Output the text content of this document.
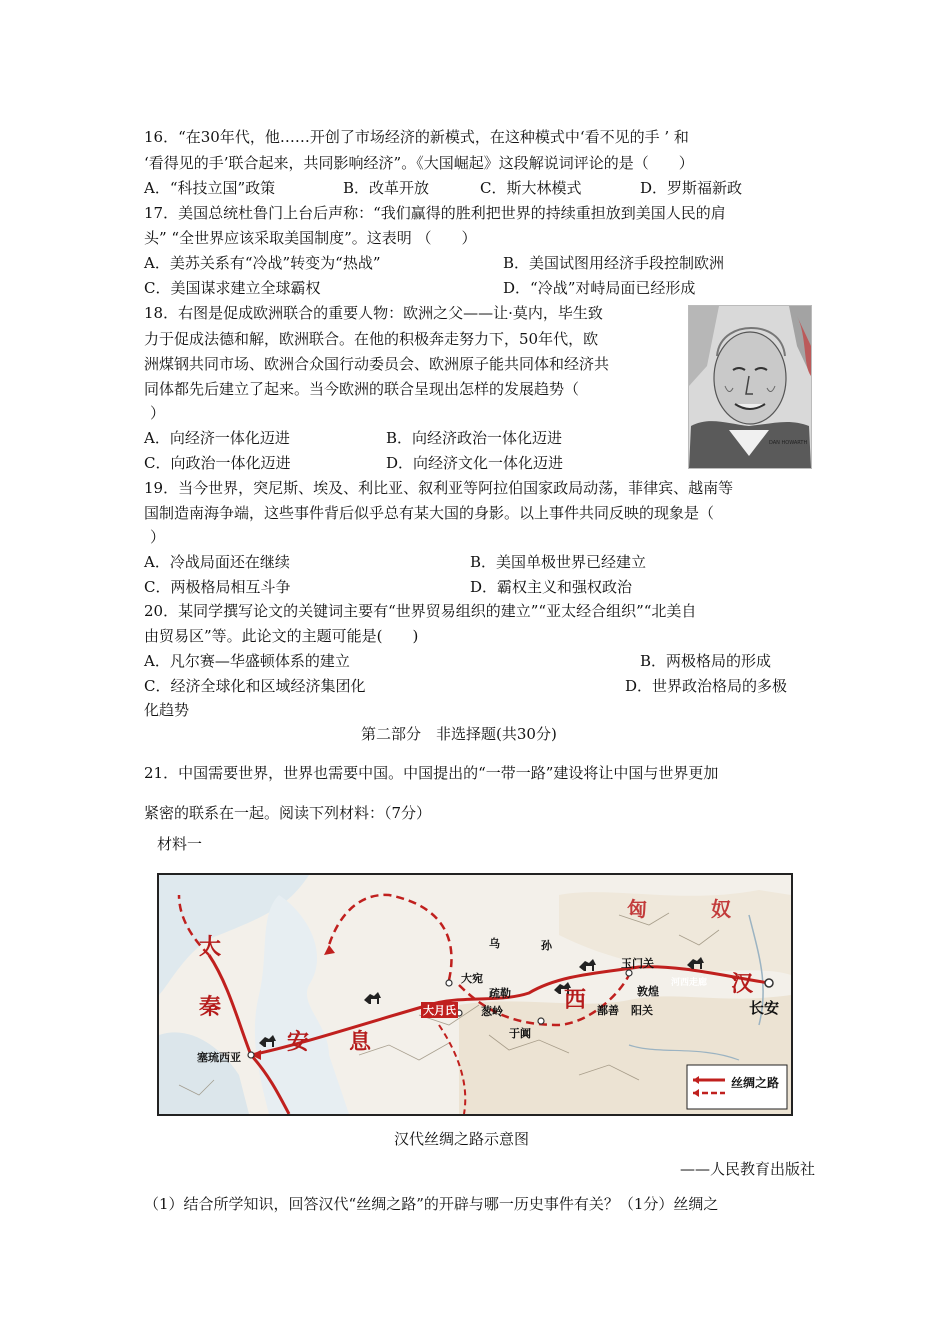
16．“在30年代，他……开创了市场经济的新模式，在这种模式中‘看不见的手 ’ 和
‘看得见的手’联合起来，共同影响经济”。《大国崛起》这段解说词评论的是（　　）
A．“科技立国”政策	B．改革开放	C．斯大林模式	D．罗斯福新政
17．美国总统杜鲁门上台后声称：“我们赢得的胜利把世界的持续重担放到美国人民的肩
头” “全世界应该采取美国制度”。这表明 （　　）
A．美苏关系有“冷战”转变为“热战”	B．美国试图用经济手段控制欧洲
C．美国谋求建立全球霸权	D．“冷战”对峙局面已经形成
18．右图是促成欧洲联合的重要人物：欧洲之父——让·莫内，毕生致
力于促成法德和解，欧洲联合。在他的积极奔走努力下，50年代，欧
洲煤钢共同市场、欧洲合众国行动委员会、欧洲原子能共同体和经济共
同体都先后建立了起来。当今欧洲的联合呈现出怎样的发展趋势（
）
A．向经济一体化迈进	B．向经济政治一体化迈进
C．向政治一体化迈进	D．向经济文化一体化迈进
DAN HOWARTH
19．当今世界，突尼斯、埃及、利比亚、叙利亚等阿拉伯国家政局动荡，菲律宾、越南等
国制造南海争端，这些事件背后似乎总有某大国的身影。以上事件共同反映的现象是（
）
A．冷战局面还在继续	B．美国单极世界已经建立
C．两极格局相互斗争	D．霸权主义和强权政治
20．某同学撰写论文的关键词主要有“世界贸易组织的建立”“亚太经合组织”“北美自
由贸易区”等。此论文的主题可能是(　　)
A．凡尔赛—华盛顿体系的建立	B．两极格局的形成
C．经济全球化和区域经济集团化	D．世界政治格局的多极
化趋势
第二部分　非选择题(共30分)
21．中国需要世界，世界也需要中国。中国提出的“一带一路”建设将让中国与世界更加
紧密的联系在一起。阅读下列材料：（7分）
材料一
大
秦
安 息
西
匈	奴
汉
塞琉西亚
大宛
乌	孙
大月氏
疏勒
葱岭
于阗
鄯善 阳关
敦煌
玉门关
河西走廊
长安
丝绸之路
汉代丝绸之路示意图
——人民教育出版社
（1）结合所学知识，回答汉代“丝绸之路”的开辟与哪一历史事件有关？（1分）丝绸之
